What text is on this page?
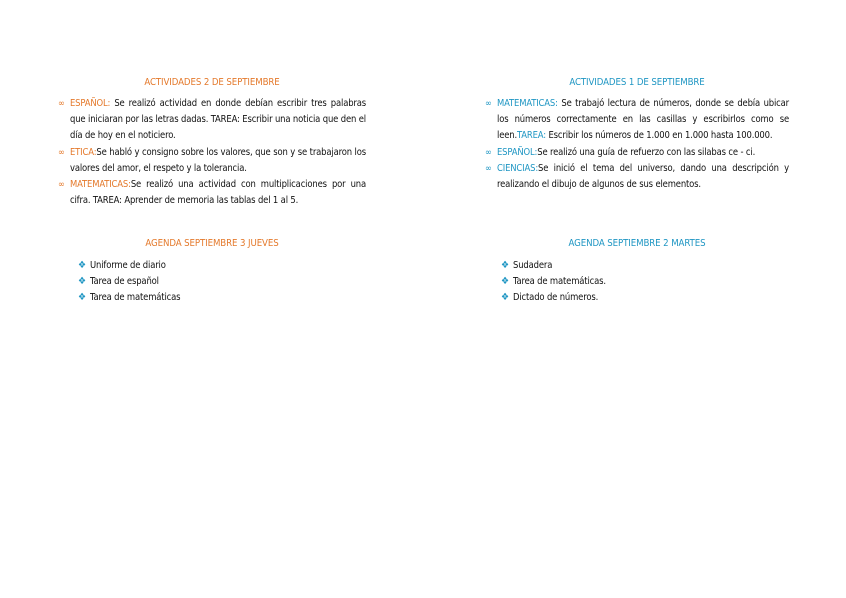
ACTIVIDADES 2 DE SEPTIEMBRE
∞ ESPAÑOL: Se realizó actividad en donde debían escribir tres palabras que iniciaran por las letras dadas. TAREA: Escribir una noticia que den el día de hoy en el noticiero.
∞ ETICA:Se habló y consigno sobre los valores, que son y se trabajaron los valores del amor, el respeto y la tolerancia.
∞ MATEMATICAS:Se realizó una actividad con multiplicaciones por una cifra. TAREA: Aprender de memoria las tablas del 1 al 5.
AGENDA SEPTIEMBRE 3 JUEVES
❖ Uniforme de diario
❖ Tarea de español
❖ Tarea de matemáticas
ACTIVIDADES 1 DE SEPTIEMBRE
∞ MATEMATICAS: Se trabajó lectura de números, donde se debía ubicar los números correctamente en las casillas y escribirlos como se leen.TAREA: Escribir los números de 1.000 en 1.000 hasta 100.000.
∞ ESPAÑOL:Se realizó una guía de refuerzo con las silabas ce - ci.
∞ CIENCIAS:Se inició el tema del universo, dando una descripción y realizando el dibujo de algunos de sus elementos.
AGENDA SEPTIEMBRE 2 MARTES
❖ Sudadera
❖ Tarea de matemáticas.
❖ Dictado de números.
